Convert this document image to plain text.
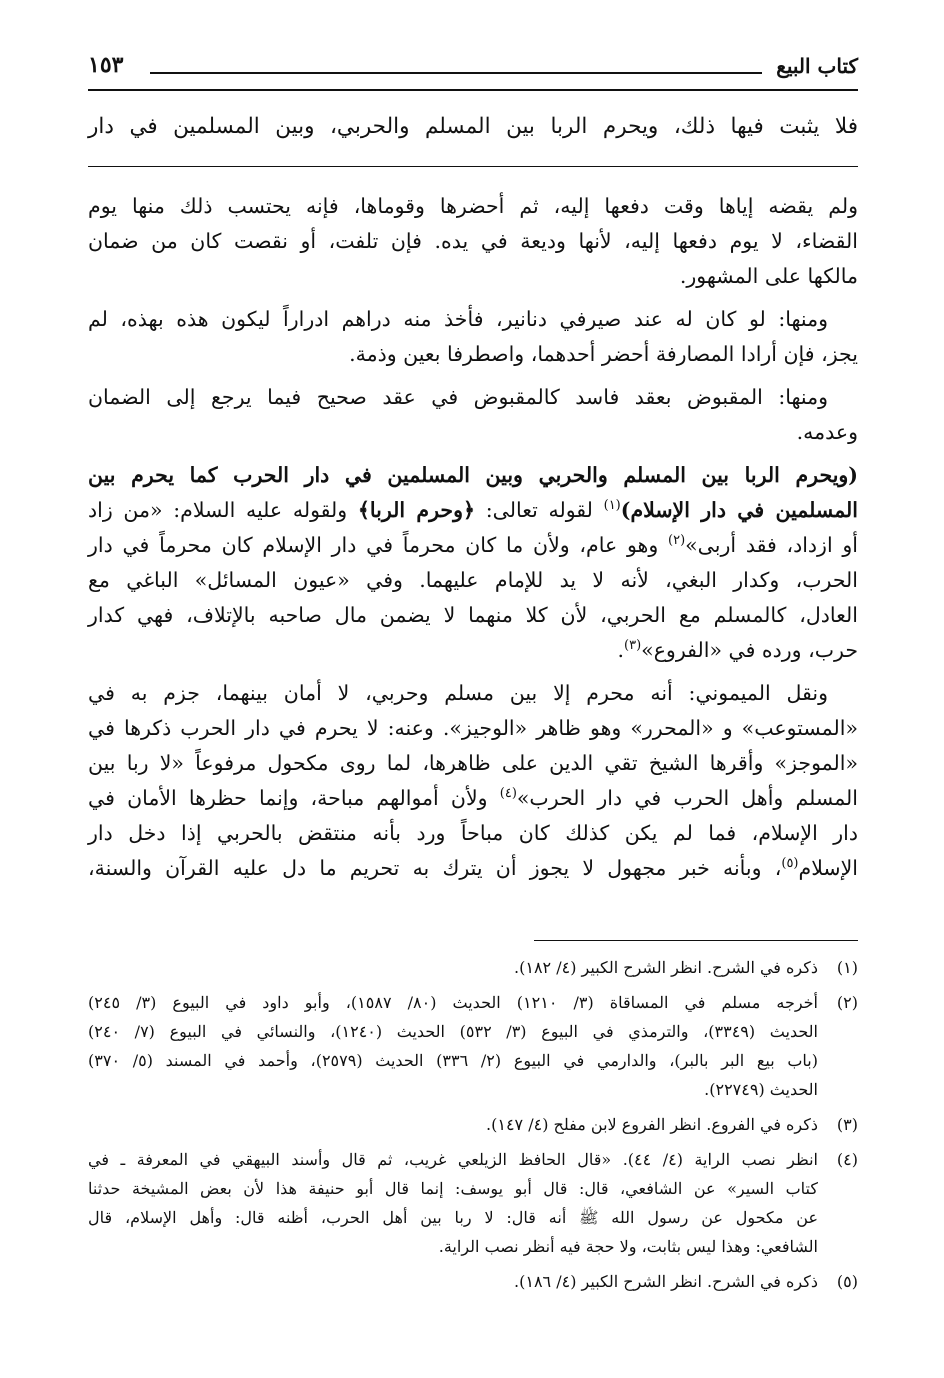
كتاب البيع
١٥٣
فلا يثبت فيها ذلك، ويحرم الربا بين المسلم والحربي، وبين المسلمين في دار
ولم يقضه إياها وقت دفعها إليه، ثم أحضرها وقوماها، فإنه يحتسب ذلك منها يوم
القضاء، لا يوم دفعها إليه، لأنها وديعة في يده. فإن تلفت، أو نقصت كان من ضمان
مالكها على المشهور.
ومنها: لو كان له عند صيرفي دنانير، فأخذ منه دراهم ادراراً ليكون هذه بهذه، لم
يجز، فإن أرادا المصارفة أحضر أحدهما، واصطرفا بعين وذمة.
ومنها: المقبوض بعقد فاسد كالمقبوض في عقد صحيح فيما يرجع إلى الضمان
وعدمه.
(ويحرم الربا بين المسلم والحربي وبين المسلمين في دار الحرب كما يحرم بين
المسلمين في دار الإسلام)$^{(١)}$ لقوله تعالى: ﴿وحرم الربا﴾ ولقوله عليه السلام: «من زاد
أو ازداد، فقد أربى»$^{(٢)}$ وهو عام، ولأن ما كان محرماً في دار الإسلام كان محرماً في دار
الحرب، وكدار البغي، لأنه لا يد للإمام عليهما. وفي «عيون المسائل» الباغي مع
العادل، كالمسلم مع الحربي، لأن كلا منهما لا يضمن مال صاحبه بالإتلاف، فهي كدار
حرب، ورده في «الفروع»$^{(٣)}$.
ونقل الميموني: أنه محرم إلا بين مسلم وحربي، لا أمان بينهما، جزم به في
«المستوعب» و «المحرر» وهو ظاهر «الوجيز». وعنه: لا يحرم في دار الحرب ذكرها في
«الموجز» وأقرها الشيخ تقي الدين على ظاهرها، لما روى مكحول مرفوعاً «لا ربا بين
المسلم وأهل الحرب في دار الحرب»$^{(٤)}$ ولأن أموالهم مباحة، وإنما حظرها الأمان في
دار الإسلام، فما لم يكن كذلك كان مباحاً ورد بأنه منتقض بالحربي إذا دخل دار
الإسلام$^{(٥)}$، وبأنه خبر مجهول لا يجوز أن يترك به تحريم ما دل عليه القرآن والسنة،
(١)
ذكره في الشرح. انظر الشرح الكبير (٤/ ١٨٢).
(٢)
أخرجه مسلم في المساقاة (٣/ ١٢١٠) الحديث (٨٠/ ١٥٨٧)، وأبو داود في البيوع (٣/ ٢٤٥)
الحديث (٣٣٤٩)، والترمذي في البيوع (٣/ ٥٣٢) الحديث (١٢٤٠)، والنسائي في البيوع (٧/ ٢٤٠)
(باب بيع البر بالبر)، والدارمي في البيوع (٢/ ٣٣٦) الحديث (٢٥٧٩)، وأحمد في المسند (٥/ ٣٧٠)
الحديث (٢٢٧٤٩).
(٣)
ذكره في الفروع. انظر الفروع لابن مفلح (٤/ ١٤٧).
(٤)
انظر نصب الراية (٤/ ٤٤). «قال الحافظ الزيلعي غريب، ثم قال وأسند البيهقي في المعرفة ـ في
كتاب السير» عن الشافعي، قال: قال أبو يوسف: إنما قال أبو حنيفة هذا لأن بعض المشيخة حدثنا
عن مكحول عن رسول الله ﷺ أنه قال: لا ربا بين أهل الحرب، أظنه قال: وأهل الإسلام، قال
الشافعي: وهذا ليس بثابت، ولا حجة فيه أنظر نصب الراية.
(٥)
ذكره في الشرح. انظر الشرح الكبير (٤/ ١٨٦).
